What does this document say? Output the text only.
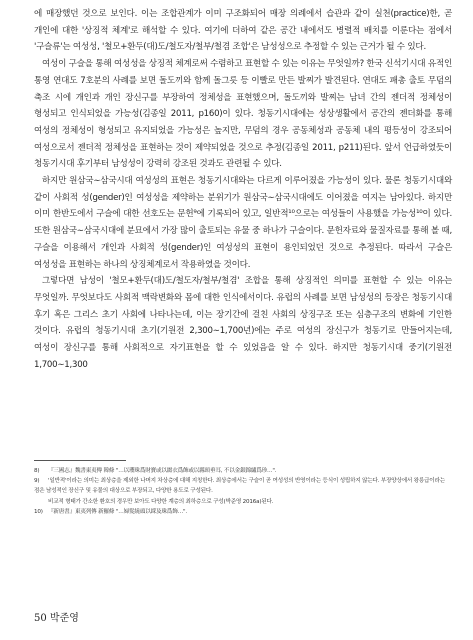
에 매장했던 것으로 보인다. 이는 조합관계가 이미 구조화되어 매장 의례에서 습관과 같이 실천(practice)한, 곧 개인에 대한 '상징적 체계'로 해석할 수 있다. 여기에 더하여 같은 공간 내에서도 병렬적 배치를 이룬다는 점에서 '구슬류'는 여성성, '철모+환두(대)도/철도자/철부/철겸 조합'은 남성성으로 추정할 수 있는 근거가 될 수 있다.

여성이 구슬을 통해 여성성을 상징적 체계로써 수렴하고 표현할 수 있는 이유는 무엇일까? 한국 신석기시대 유적인 통영 연대도 7호분의 사례를 보면 돌도끼와 함께 돌그릇 등 이빨로 만든 발찌가 발견된다. 연대도 패총 출토 무덤의 축조 시에 개인과 개인 장신구를 부장하여 정체성을 표현했으며, 돌도끼와 발찌는 남녀 간의 젠더적 정체성이 형성되고 인식되었을 가능성(김종일 2011, p160)이 있다. 청동기시대에는 성상생활에서 공간의 젠더화를 통해 여성의 정체성이 형성되고 유지되었을 가능성은 높지만, 무덤의 경우 공동체성과 공동체 내의 평등성이 강조되어 여성으로서 젠더적 정체성을 표현하는 것이 제약되었을 것으로 추정(김종일 2011, p211)된다. 앞서 언급하였듯이 청동기시대 후기부터 남성성이 강력히 강조된 것과도 관련될 수 있다.

하지만 원삼국∼삼국시대 여성성의 표현은 청동기시대와는 다르게 이루어졌을 가능성이 있다. 물론 청동기시대와 같이 사회적 성(gender)인 여성성을 제약하는 분위기가 원삼국∼삼국시대에도 이어졌을 여지는 남아있다. 하지만 이미 한반도에서 구슬에 대한 선호도는 문헌⁹에 기록되어 있고, 일반적¹⁰으로는 여성들이 사용했을 가능성¹⁰이 있다. 또한 원삼국∼삼국시대에 분묘에서 가장 많이 출토되는 유물 중 하나가 구슬이다. 문헌자료와 물질자료를 통해 볼 때, 구슬을 이용해서 개인과 사회적 성(gender)인 여성성의 표현이 용인되었던 것으로 추정된다. 따라서 구슬은 여성성을 표현하는 하나의 상징체계로서 작용하였을 것이다.

그렇다면 남성이 '철모+환두(대)도/철도자/철부/철겸' 조합을 통해 상징적인 의미를 표현할 수 있는 이유는 무엇일까. 무엇보다도 사회적 맥락변화와 몸에 대한 인식에서이다. 유럽의 사례를 보면 남성성의 등장은 청동기시대 후기 혹은 그리스 초기 사회에 나타나는데, 이는 장기간에 걸친 사회의 상징구조 또는 심층구조의 변화에 기인한 것이다. 유럽의 청동기시대 초기(기원전 2,300∼1,700년)에는 주로 여성의 장신구가 청동기로 만들어지는데, 여성이 장신구를 통해 사회적으로 자기표현을 할 수 있었음을 알 수 있다. 하지만 청동기시대 중기(기원전 1,700∼1,300

8) 『三國志』魏書東夷傳 韓條 "…以瓔珠爲財寶或以綴衣爲飾或以縣頸垂耳, 不以金銀錦繡爲珍…".

9) '일반적'이라는 의미는 최상층을 제외한 나머지 차상층에 대해 지칭한다. 최상층에서는 구슬이 곧 여성성의 반영이라는 등식이 성립하지 않는다. 부장양상에서 왕릉급이라는 점은 남성적인 장신구 및 유물의 대상으로 부장되고, 다양한 용도로 구성된다.

비교적 형태가 간소한 환호의 경우만 보아도 다양한 계층의 최하층으로 구성(박준영 2016a)된다.

10) 『新唐書』東夷列傳 新羅條 "…婦髮繞頭以綵及珠爲飾…".

50 박준영
